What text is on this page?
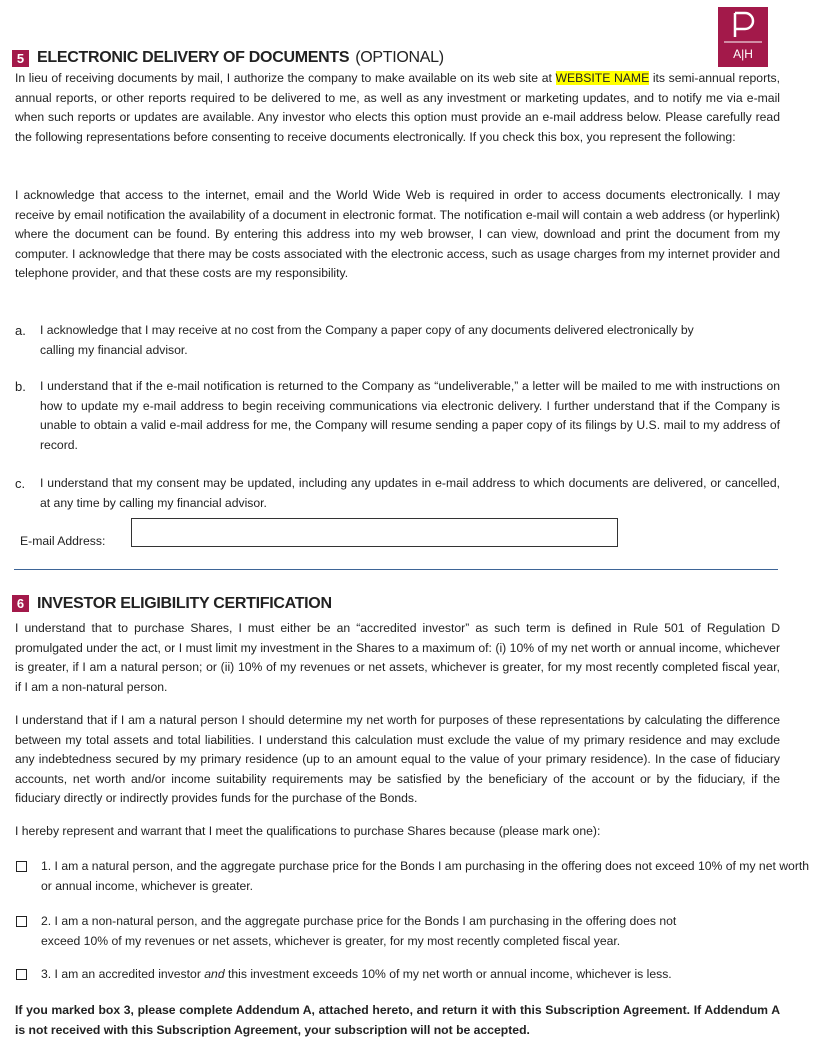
A|H
5 ELECTRONIC DELIVERY OF DOCUMENTS (OPTIONAL)
In lieu of receiving documents by mail, I authorize the company to make available on its web site at WEBSITE NAME its semi-annual reports, annual reports, or other reports required to be delivered to me, as well as any investment or marketing updates, and to notify me via e-mail when such reports or updates are available. Any investor who elects this option must provide an e-mail address below. Please carefully read the following representations before consenting to receive documents electronically. If you check this box, you represent the following:
I acknowledge that access to the internet, email and the World Wide Web is required in order to access documents electronically. I may receive by email notification the availability of a document in electronic format. The notification e-mail will contain a web address (or hyperlink) where the document can be found. By entering this address into my web browser, I can view, download and print the document from my computer. I acknowledge that there may be costs associated with the electronic access, such as usage charges from my internet provider and telephone provider, and that these costs are my responsibility.
a.	I acknowledge that I may receive at no cost from the Company a paper copy of any documents delivered electronically by calling my financial advisor.
b.	I understand that if the e-mail notification is returned to the Company as “undeliverable,” a letter will be mailed to me with instructions on how to update my e-mail address to begin receiving communications via electronic delivery. I further understand that if the Company is unable to obtain a valid e-mail address for me, the Company will resume sending a paper copy of its filings by U.S. mail to my address of record.
c.	I understand that my consent may be updated, including any updates in e-mail address to which documents are delivered, or cancelled, at any time by calling my financial advisor.
E-mail Address:
6 INVESTOR ELIGIBILITY CERTIFICATION
I understand that to purchase Shares, I must either be an “accredited investor” as such term is defined in Rule 501 of Regulation D promulgated under the act, or I must limit my investment in the Shares to a maximum of: (i) 10% of my net worth or annual income, whichever is greater, if I am a natural person; or (ii) 10% of my revenues or net assets, whichever is greater, for my most recently completed fiscal year, if I am a non-natural person.
I understand that if I am a natural person I should determine my net worth for purposes of these representations by calculating the difference between my total assets and total liabilities. I understand this calculation must exclude the value of my primary residence and may exclude any indebtedness secured by my primary residence (up to an amount equal to the value of your primary residence). In the case of fiduciary accounts, net worth and/or income suitability requirements may be satisfied by the beneficiary of the account or by the fiduciary, if the fiduciary directly or indirectly provides funds for the purchase of the Bonds.
I hereby represent and warrant that I meet the qualifications to purchase Shares because (please mark one):
1. I am a natural person, and the aggregate purchase price for the Bonds I am purchasing in the offering does not exceed 10% of my net worth or annual income, whichever is greater.
2. I am a non-natural person, and the aggregate purchase price for the Bonds I am purchasing in the offering does not exceed 10% of my revenues or net assets, whichever is greater, for my most recently completed fiscal year.
3. I am an accredited investor and this investment exceeds 10% of my net worth or annual income, whichever is less.
If you marked box 3, please complete Addendum A, attached hereto, and return it with this Subscription Agreement. If Addendum A is not received with this Subscription Agreement, your subscription will not be accepted.
